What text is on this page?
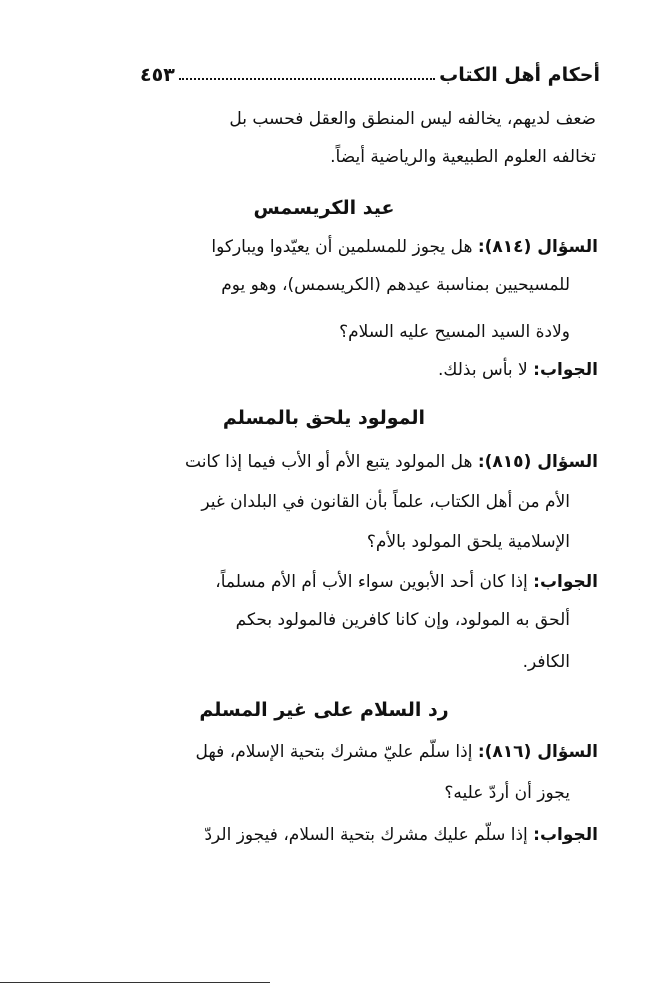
أحكام أهل الكتاب
٤٥٣
ضعف لديهم، يخالفه ليس المنطق والعقل فحسب بل
تخالفه العلوم الطبيعية والرياضية أيضاً.
عيد الكريسمس
السؤال (٨١٤): هل يجوز للمسلمين أن يعيّدوا ويباركوا
للمسيحيين بمناسبة عيدهم (الكريسمس)، وهو يوم
ولادة السيد المسيح عليه السلام؟
الجواب: لا بأس بذلك.
المولود يلحق بالمسلم
السؤال (٨١٥): هل المولود يتبع الأم أو الأب فيما إذا كانت
الأم من أهل الكتاب، علماً بأن القانون في البلدان غير
الإسلامية يلحق المولود بالأم؟
الجواب: إذا كان أحد الأبوين سواء الأب أم الأم مسلماً،
ألحق به المولود، وإن كانا كافرين فالمولود بحكم
الكافر.
رد السلام على غير المسلم
السؤال (٨١٦): إذا سلّم عليّ مشرك بتحية الإسلام، فهل
يجوز أن أردّ عليه؟
الجواب: إذا سلّم عليك مشرك بتحية السلام، فيجوز الردّ
